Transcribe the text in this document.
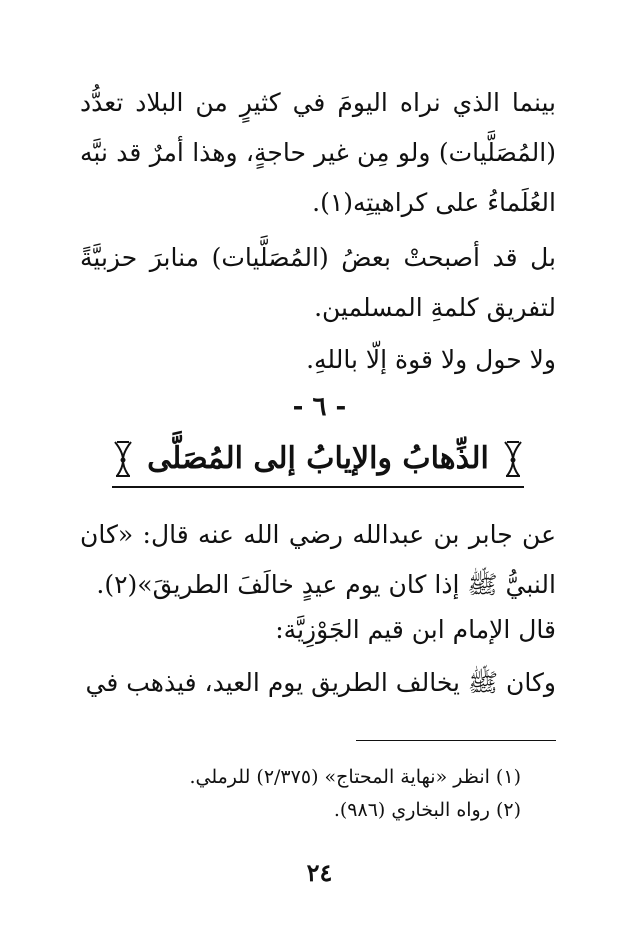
بينما الذي نراه اليومَ في كثيرٍ من البلاد تعدُّد (المُصَلَّيات) ولو مِن غير حاجةٍ، وهذا أمرٌ قد نبَّه العُلَماءُ على كراهيتِه(١).

بل قد أصبحتْ بعضُ (المُصَلَّيات) منابرَ حزبيَّةً لتفريق كلمةِ المسلمين.

ولا حول ولا قوة إلّا باللهِ.

- ٦ -
الذِّهابُ والإيابُ إلى المُصَلَّى

عن جابر بن عبدالله رضي الله عنه قال: «كان النبيُّ ﷺ إذا كان يوم عيدٍ خالَفَ الطريقَ»(٢).

قال الإمام ابن قيم الجَوْزِيَّة:

وكان ﷺ يخالف الطريق يوم العيد، فيذهب في

(١) انظر «نهاية المحتاج» (٢/٣٧٥) للرملي.
(٢) رواه البخاري (٩٨٦).
٢٤
